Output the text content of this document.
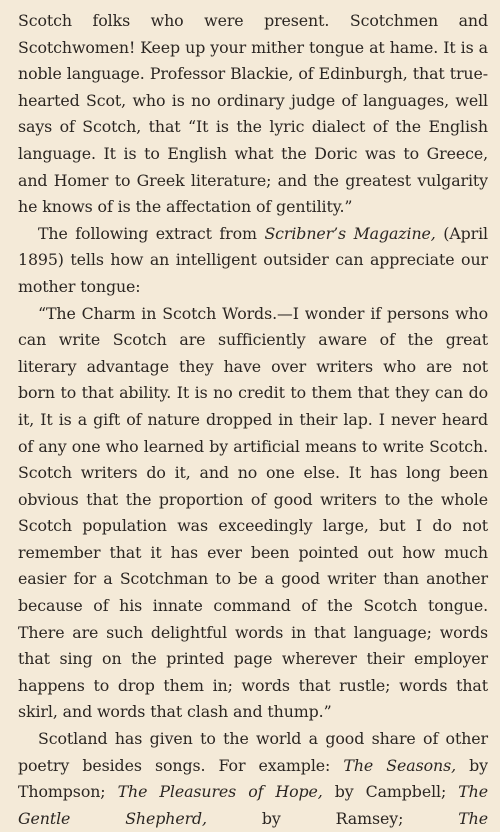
Scotch folks who were present. Scotchmen and Scotchwomen! Keep up your mither tongue at hame. It is a noble language. Professor Blackie, of Edinburgh, that true-hearted Scot, who is no ordinary judge of languages, well says of Scotch, that “It is the lyric dialect of the English language. It is to English what the Doric was to Greece, and Homer to Greek literature; and the greatest vulgarity he knows of is the affectation of gentility.”

The following extract from Scribner’s Magazine, (April 1895) tells how an intelligent outsider can appreciate our mother tongue:

“The Charm in Scotch Words.—I wonder if persons who can write Scotch are sufficiently aware of the great literary advantage they have over writers who are not born to that ability. It is no credit to them that they can do it, It is a gift of nature dropped in their lap. I never heard of any one who learned by artificial means to write Scotch. Scotch writers do it, and no one else. It has long been obvious that the proportion of good writers to the whole Scotch population was exceedingly large, but I do not remember that it has ever been pointed out how much easier for a Scotchman to be a good writer than another because of his innate command of the Scotch tongue. There are such delightful words in that language; words that sing on the printed page wherever their employer happens to drop them in; words that rustle; words that skirl, and words that clash and thump.”

Scotland has given to the world a good share of other poetry besides songs. For example: The Seasons, by Thompson; The Pleasures of Hope, by Campbell; The Gentle Shepherd, by Ramsey; The
